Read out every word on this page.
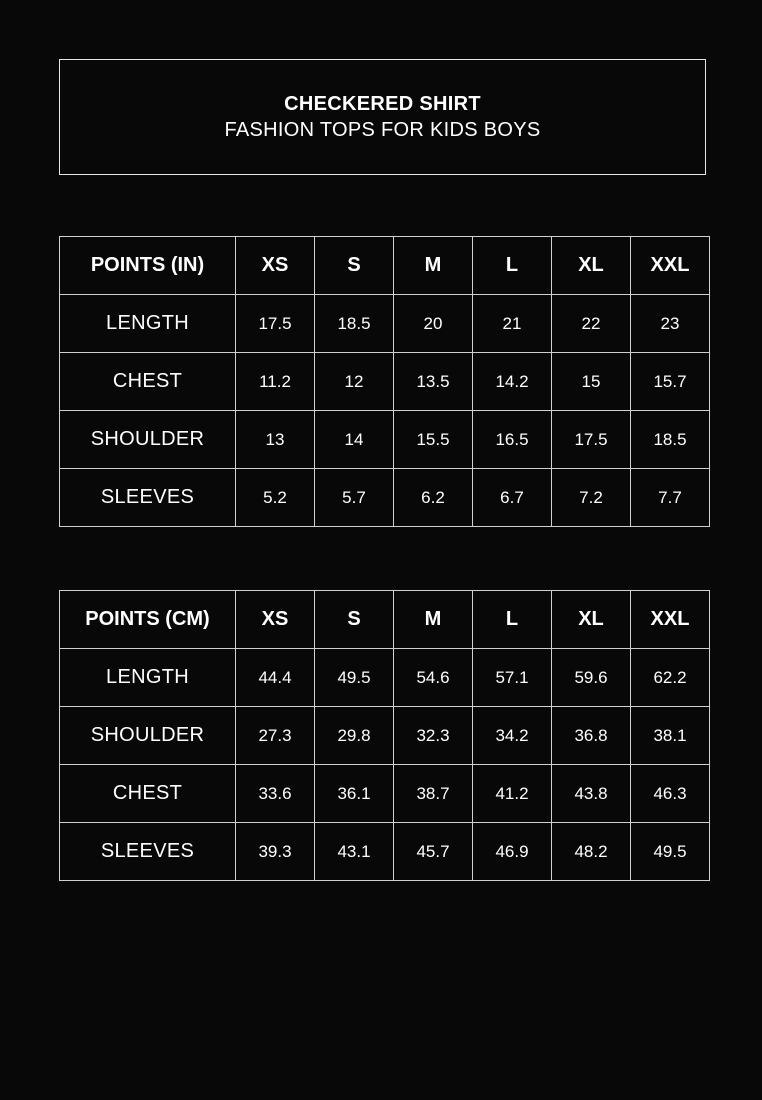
CHECKERED SHIRT
FASHION TOPS FOR KIDS BOYS
POINTS (IN)	XS	S	M	L	XL	XXL
LENGTH	17.5	18.5	20	21	22	23
CHEST	11.2	12	13.5	14.2	15	15.7
SHOULDER	13	14	15.5	16.5	17.5	18.5
SLEEVES	5.2	5.7	6.2	6.7	7.2	7.7
POINTS (CM)	XS	S	M	L	XL	XXL
LENGTH	44.4	49.5	54.6	57.1	59.6	62.2
SHOULDER	27.3	29.8	32.3	34.2	36.8	38.1
CHEST	33.6	36.1	38.7	41.2	43.8	46.3
SLEEVES	39.3	43.1	45.7	46.9	48.2	49.5
